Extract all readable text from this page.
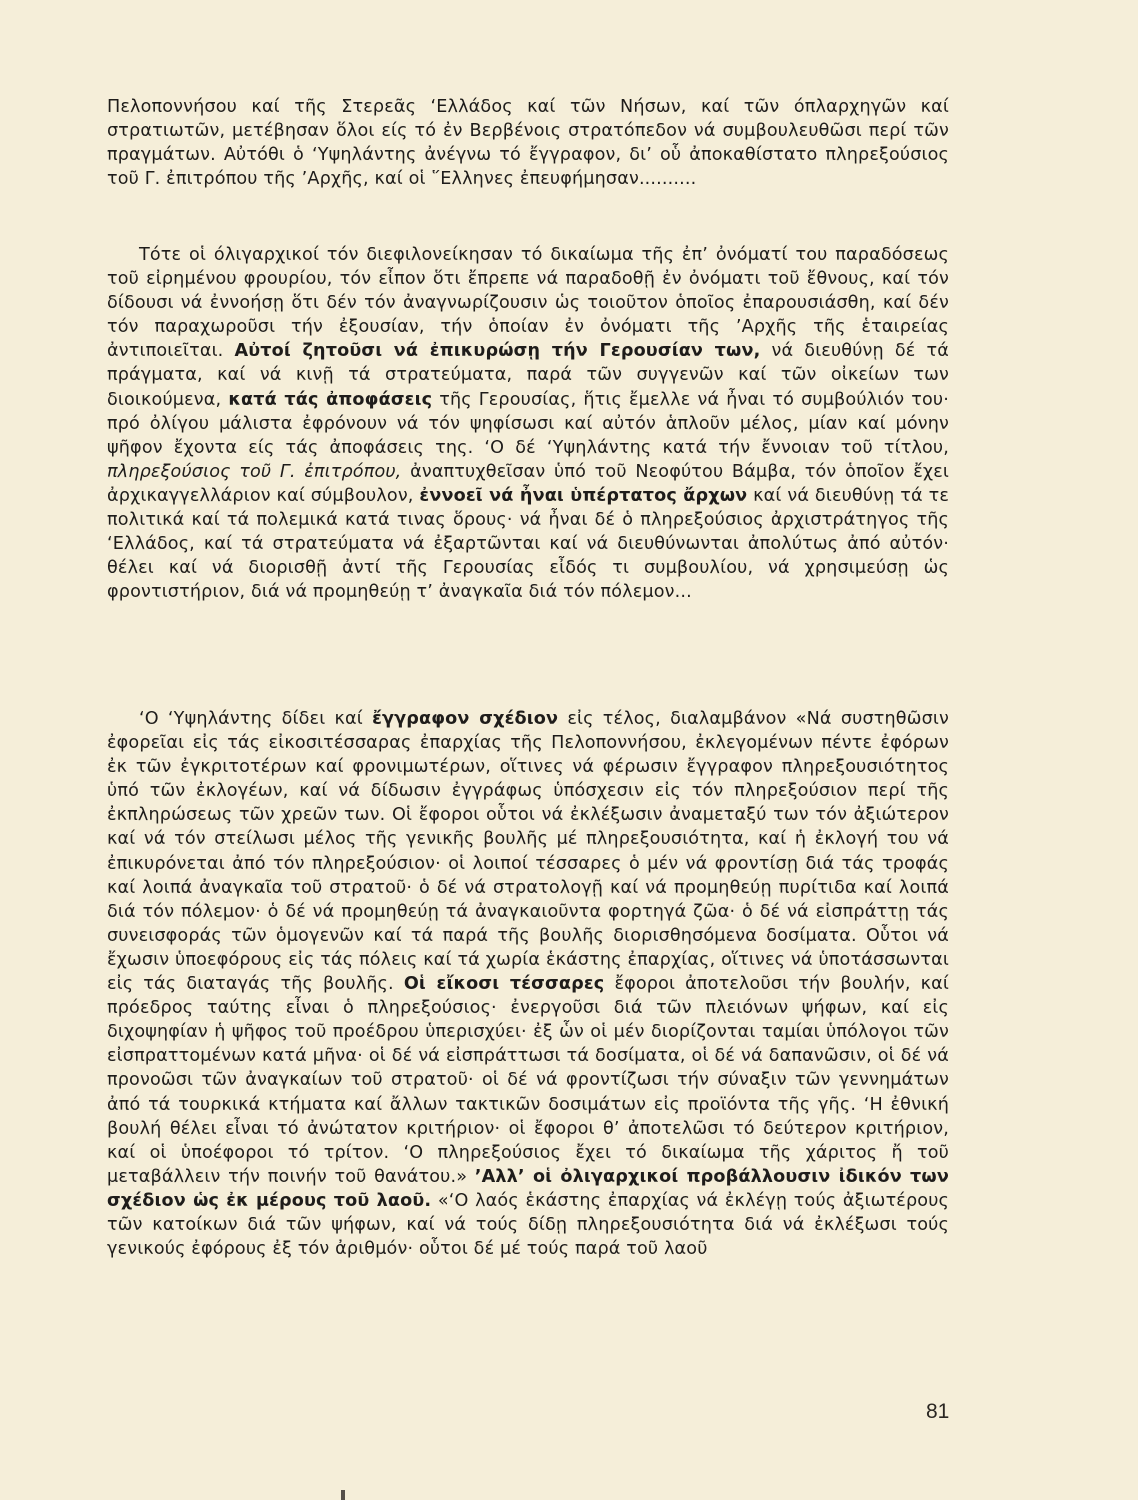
Πελοποννήσου καί τῆς Στερεᾶς ‘Ελλάδος καί τῶν Νήσων, καί τῶν όπλαρχηγῶν καί στρατιωτῶν, μετέβησαν ὅλοι είς τό ἐν Βερβένοις στρατόπεδον νά συμβουλευθῶσι περί τῶν πραγμάτων. Αὐτόθι ὁ ‘Υψηλάντης ἀνέγνω τό ἔγγραφον, δι’ οὗ ἀποκαθίστατο πληρεξούσιος τοῦ Γ. ἐπιτρόπου τῆς ’Αρχῆς, καί οἱ ῞Ελληνες ἐπευφήμησαν..........

Τότε οἱ όλιγαρχικοί τόν διεφιλονείκησαν τό δικαίωμα τῆς ἐπ’ ὀνόματί του παραδόσεως τοῦ εἰρημένου φρουρίου, τόν εἶπον ὅτι ἔπρεπε νά παραδοθῇ ἐν ὀνόματι τοῦ ἔθνους, καί τόν δίδουσι νά ἐννοήσῃ ὅτι δέν τόν ἀναγνωρίζουσιν ὡς τοιοῦτον ὁποῖος ἐπαρουσιάσθη, καί δέν τόν παραχωροῦσι τήν ἐξουσίαν, τήν ὁποίαν ἐν ὀνόματι τῆς ’Αρχῆς τῆς ἑταιρείας ἀντιποιεῖται. Αὐτοί ζητοῦσι νά ἐπικυρώσῃ τήν Γερουσίαν των, νά διευθύνῃ δέ τά πράγματα, καί νά κινῇ τά στρατεύματα, παρά τῶν συγγενῶν καί τῶν οἰκείων των διοικούμενα, κατά τάς ἀποφάσεις τῆς Γερουσίας, ἥτις ἔμελλε νά ἦναι τό συμβούλιόν του· πρό ὀλίγου μάλιστα ἐφρόνουν νά τόν ψηφίσωσι καί αὐτόν ἁπλοῦν μέλος, μίαν καί μόνην ψῆφον ἔχοντα είς τάς ἀποφάσεις της. ‘Ο δέ ‘Υψηλάντης κατά τήν ἔννοιαν τοῦ τίτλου, πληρεξούσιος τοῦ Γ. ἐπιτρόπου, ἀναπτυχθεῖσαν ὑπό τοῦ Νεοφύτου Βάμβα, τόν ὁποῖον ἔχει ἀρχικαγγελλάριον καί σύμβουλον, ἐννοεῖ νά ἦναι ὑπέρτατος ἄρχων καί νά διευθύνῃ τά τε πολιτικά καί τά πολεμικά κατά τινας ὅρους· νά ἦναι δέ ὁ πληρεξούσιος ἀρχιστράτηγος τῆς ‘Ελλάδος, καί τά στρατεύματα νά ἐξαρτῶνται καί νά διευθύνωνται ἀπολύτως ἀπό αὐτόν· θέλει καί νά διορισθῇ ἀντί τῆς Γερουσίας εἶδός τι συμβουλίου, νά χρησιμεύσῃ ὡς φροντιστήριον, διά νά προμηθεύῃ τ’ ἀναγκαῖα διά τόν πόλεμον...

‘Ο ‘Υψηλάντης δίδει καί ἔγγραφον σχέδιον εἰς τέλος, διαλαμβάνον «Νά συστηθῶσιν ἐφορεῖαι εἰς τάς εἰκοσιτέσσαρας ἐπαρχίας τῆς Πελοποννήσου, ἐκλεγομένων πέντε ἐφόρων ἐκ τῶν ἐγκριτοτέρων καί φρονιμωτέρων, οἵτινες νά φέρωσιν ἔγγραφον πληρεξουσιότητος ὑπό τῶν ἐκλογέων, καί νά δίδωσιν ἐγγράφως ὑπόσχεσιν εἰς τόν πληρεξούσιον περί τῆς ἐκπληρώσεως τῶν χρεῶν των. Οἱ ἔφοροι οὗτοι νά ἐκλέξωσιν ἀναμεταξύ των τόν ἀξιώτερον καί νά τόν στείλωσι μέλος τῆς γενικῆς βουλῆς μέ πληρεξουσιότητα, καί ἡ ἐκλογή του νά ἐπικυρόνεται ἀπό τόν πληρεξούσιον· οἱ λοιποί τέσσαρες ὁ μέν νά φροντίσῃ διά τάς τροφάς καί λοιπά ἀναγκαῖα τοῦ στρατοῦ· ὁ δέ νά στρατολογῇ καί νά προμηθεύῃ πυρίτιδα καί λοιπά διά τόν πόλεμον· ὁ δέ νά προμηθεύῃ τά ἀναγκαιοῦντα φορτηγά ζῶα· ὁ δέ νά εἰσπράττῃ τάς συνεισφοράς τῶν ὁμογενῶν καί τά παρά τῆς βουλῆς διορισθησόμενα δοσίματα. Οὗτοι νά ἔχωσιν ὑποεφόρους εἰς τάς πόλεις καί τά χωρία ἑκάστης ἐπαρχίας, οἵτινες νά ὑποτάσσωνται εἰς τάς διαταγάς τῆς βουλῆς. Οἱ εἴκοσι τέσσαρες ἔφοροι ἀποτελοῦσι τήν βουλήν, καί πρόεδρος ταύτης εἶναι ὁ πληρεξούσιος· ἐνεργοῦσι διά τῶν πλειόνων ψήφων, καί εἰς διχοψηφίαν ἡ ψῆφος τοῦ προέδρου ὑπερισχύει· ἐξ ὧν οἱ μέν διορίζονται ταμίαι ὑπόλογοι τῶν εἰσπραττομένων κατά μῆνα· οἱ δέ νά εἰσπράττωσι τά δοσίματα, οἱ δέ νά δαπανῶσιν, οἱ δέ νά προνοῶσι τῶν ἀναγκαίων τοῦ στρατοῦ· οἱ δέ νά φροντίζωσι τήν σύναξιν τῶν γεννημάτων ἀπό τά τουρκικά κτήματα καί ἄλλων τακτικῶν δοσιμάτων εἰς προϊόντα τῆς γῆς. ‘Η ἐθνική βουλή θέλει εἶναι τό ἀνώτατον κριτήριον· οἱ ἔφοροι θ’ ἀποτελῶσι τό δεύτερον κριτήριον, καί οἱ ὑποέφοροι τό τρίτον. ‘Ο πληρεξούσιος ἔχει τό δικαίωμα τῆς χάριτος ἤ τοῦ μεταβάλλειν τήν ποινήν τοῦ θανάτου.» ’Αλλ’ οἱ ὀλιγαρχικοί προβάλλουσιν ἰδικόν των σχέδιον ὡς ἐκ μέρους τοῦ λαοῦ. «‘Ο λαός ἑκάστης ἐπαρχίας νά ἐκλέγῃ τούς ἀξιωτέρους τῶν κατοίκων διά τῶν ψήφων, καί νά τούς δίδῃ πληρεξουσιότητα διά νά ἐκλέξωσι τούς γενικούς ἐφόρους ἐξ τόν ἀριθμόν· οὗτοι δέ μέ τούς παρά τοῦ λαοῦ

81
